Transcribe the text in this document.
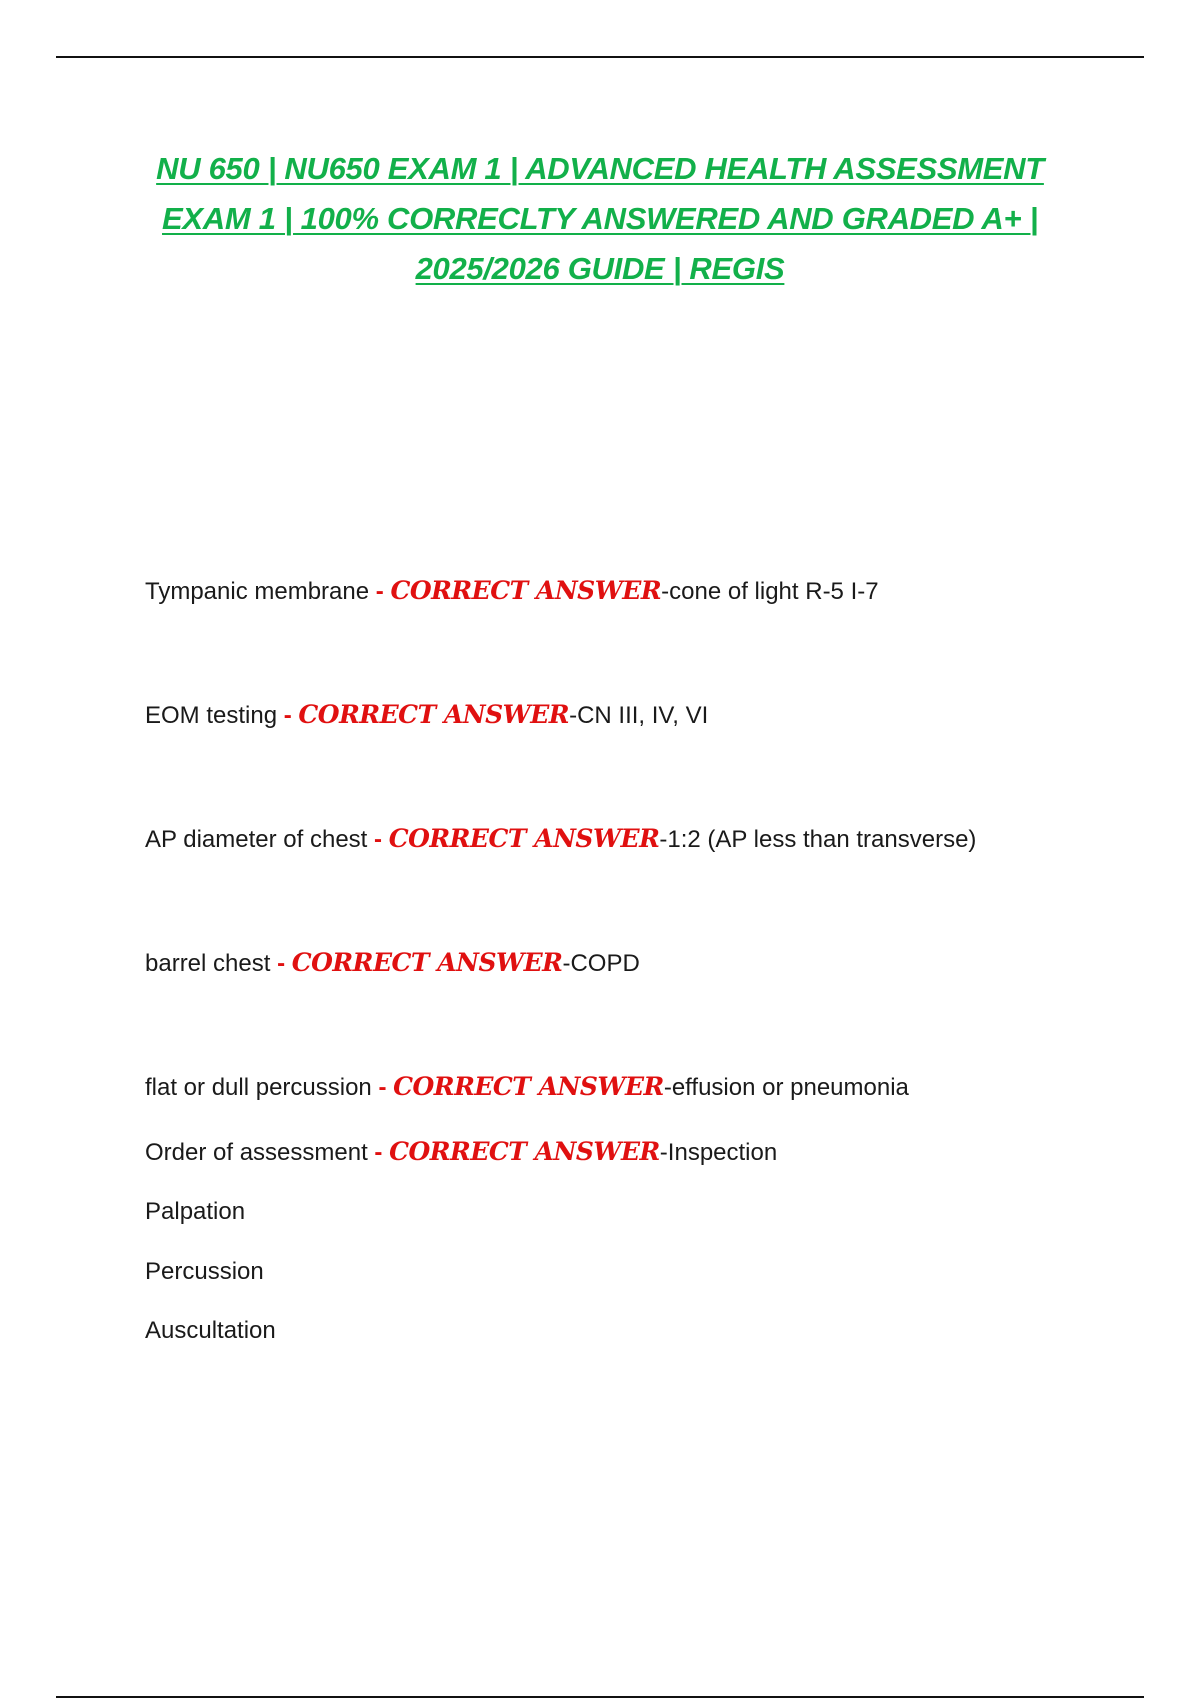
NU 650 | NU650 EXAM 1 | ADVANCED HEALTH ASSESSMENT
EXAM 1 | 100% CORRECLTY ANSWERED AND GRADED A+ |
2025/2026 GUIDE | REGIS
Tympanic membrane - CORRECT ANSWER-cone of light R-5 I-7
EOM testing - CORRECT ANSWER-CN III, IV, VI
AP diameter of chest - CORRECT ANSWER-1:2 (AP less than transverse)
barrel chest - CORRECT ANSWER-COPD
flat or dull percussion - CORRECT ANSWER-effusion or pneumonia
Order of assessment - CORRECT ANSWER-Inspection
Palpation
Percussion
Auscultation
